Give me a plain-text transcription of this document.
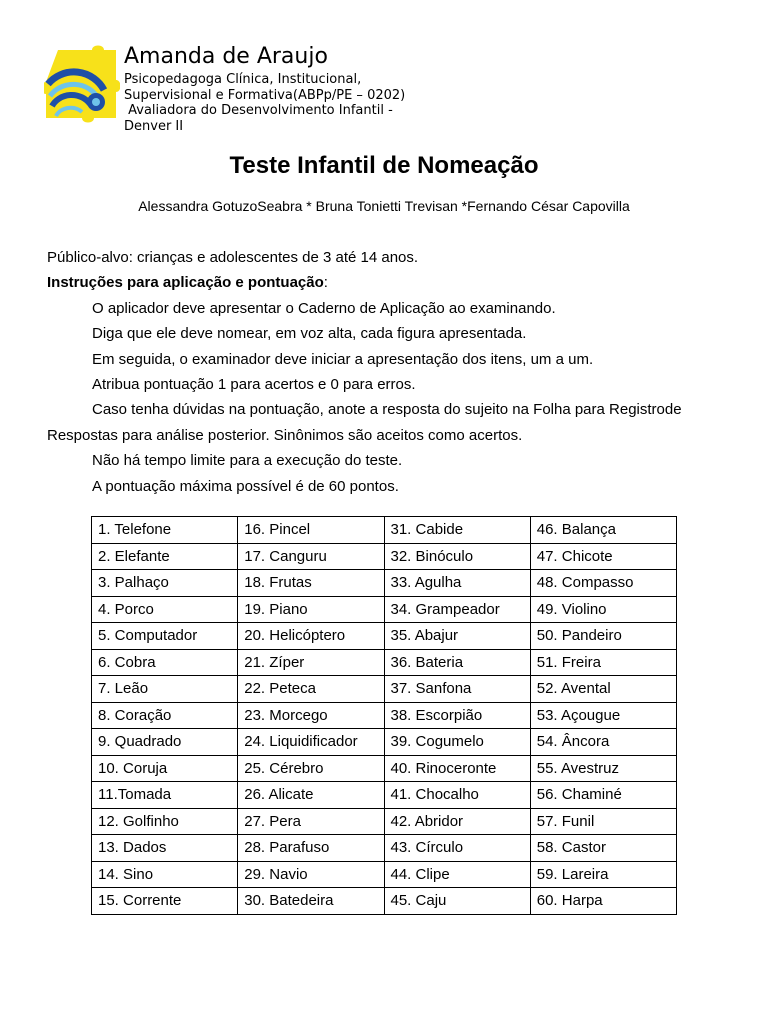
Amanda de Araujo
Psicopedagoga Clínica, Institucional,
Supervisional e Formativa(ABPp/PE – 0202)
Avaliadora do Desenvolvimento Infantil -
Denver II
Teste Infantil de Nomeação
Alessandra GotuzoSeabra * Bruna Tonietti Trevisan *Fernando César Capovilla

Público-alvo: crianças e adolescentes de 3 até 14 anos.

Instruções para aplicação e pontuação:

O aplicador deve apresentar o Caderno de Aplicação ao examinando.

Diga que ele deve nomear, em voz alta, cada figura apresentada.

Em seguida, o examinador deve iniciar a apresentação dos itens, um a um.

Atribua pontuação 1 para acertos e 0 para erros.

Caso tenha dúvidas na pontuação, anote a resposta do sujeito na Folha para Registrode

Respostas para análise posterior. Sinônimos são aceitos como acertos.

Não há tempo limite para a execução do teste.

A pontuação máxima possível é de 60 pontos.

1. Telefone	16. Pincel	31. Cabide	46. Balança
2. Elefante	17. Canguru	32. Binóculo	47. Chicote
3. Palhaço	18. Frutas	33. Agulha	48. Compasso
4. Porco	19. Piano	34. Grampeador	49. Violino
5. Computador	20. Helicóptero	35. Abajur	50. Pandeiro
6. Cobra	21. Zíper	36. Bateria	51. Freira
7. Leão	22. Peteca	37. Sanfona	52. Avental
8. Coração	23. Morcego	38. Escorpião	53. Açougue
9. Quadrado	24. Liquidificador	39. Cogumelo	54. Âncora
10. Coruja	25. Cérebro	40. Rinoceronte	55. Avestruz
11.Tomada	26. Alicate	41. Chocalho	56. Chaminé
12. Golfinho	27. Pera	42. Abridor	57. Funil
13. Dados	28. Parafuso	43. Círculo	58. Castor
14. Sino	29. Navio	44. Clipe	59. Lareira
15. Corrente	30. Batedeira	45. Caju	60. Harpa
